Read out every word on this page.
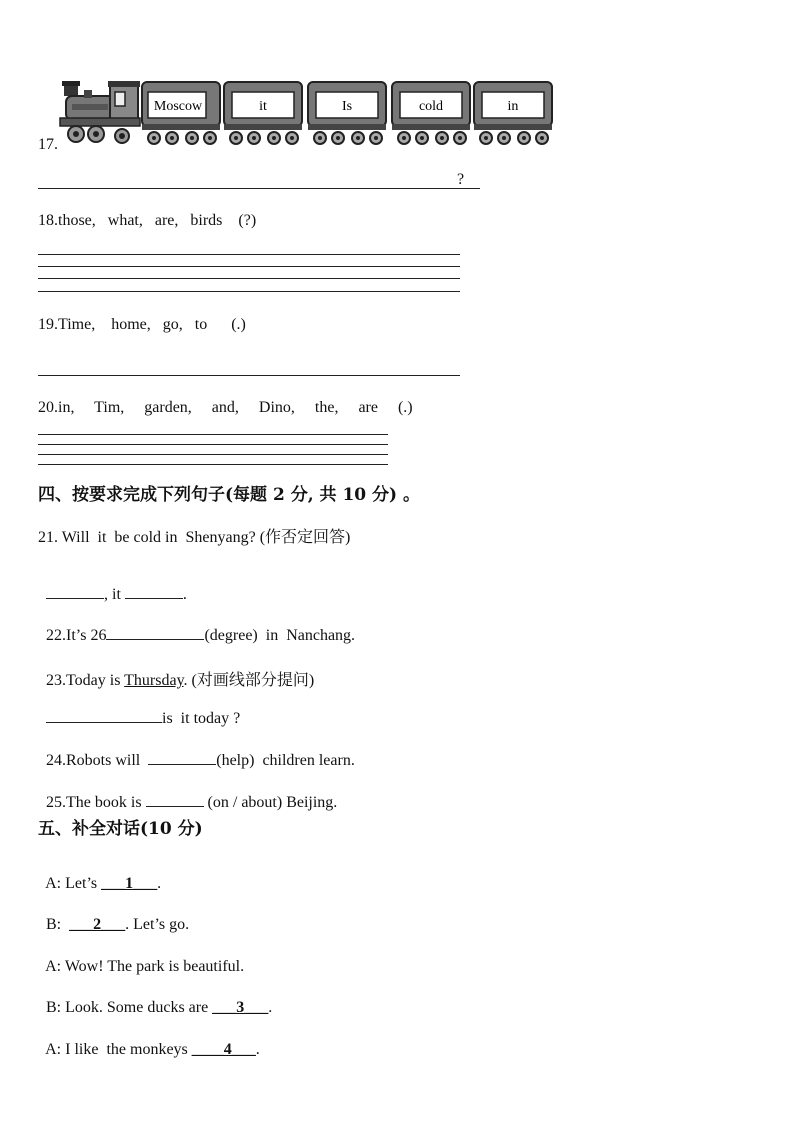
17.
Moscow	it	Is	cold	in
?
18.those,   what,   are,   birds    (?)
19.Time,    home,   go,   to      (.)
20.in,     Tim,     garden,     and,     Dino,     the,     are     (.)
四、按要求完成下列句子(每题 2 分, 共 10 分) 。
21. Will  it  be cold in  Shenyang? (作否定回答)

, it	.

22.It’s 26	(degree)  in  Nanchang.

23.Today is Thursday. (对画线部分提问)

is  it today ?

24.Robots will	(help)  children learn.

25.The book is	(on / about) Beijing.

五、补全对话(10 分)

A: Let’s ___1___.

B:  ___2___. Let’s go.

A: Wow! The park is beautiful.

B: Look. Some ducks are ___3___.

A: I like  the monkeys ____4___.
